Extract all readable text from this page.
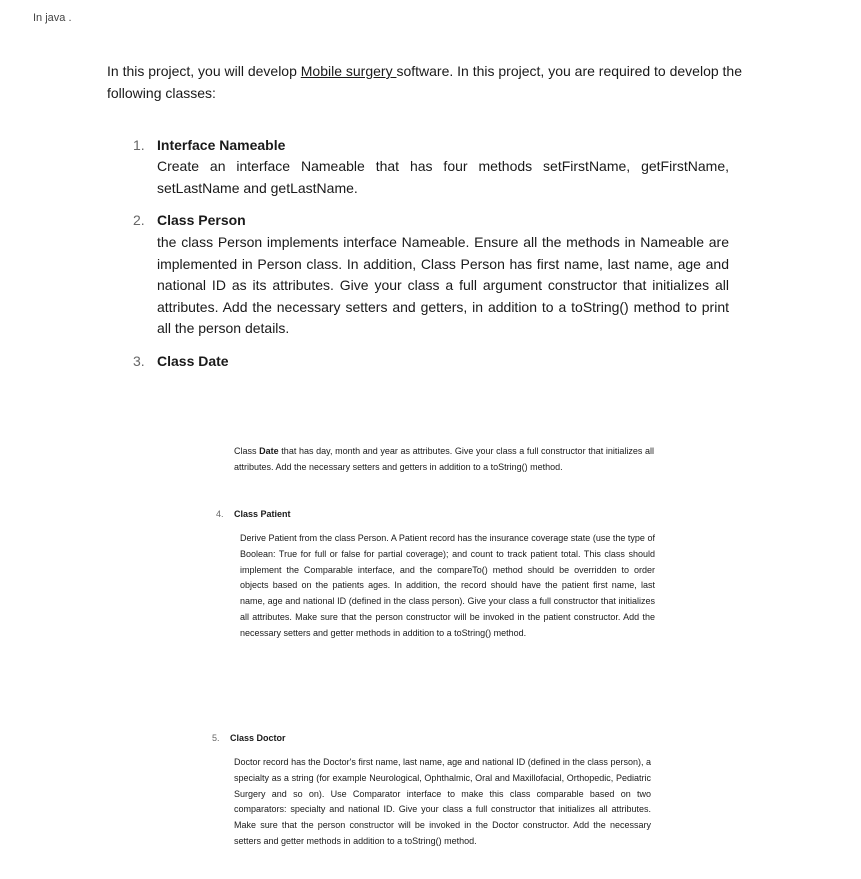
In java .
In this project, you will develop Mobile surgery software. In this project, you are required to develop the following classes:
1. Interface Nameable
Create an interface Nameable that has four methods setFirstName, getFirstName, setLastName and getLastName.
2. Class Person
the class Person implements interface Nameable. Ensure all the methods in Nameable are implemented in Person class. In addition, Class Person has first name, last name, age and national ID as its attributes. Give your class a full argument constructor that initializes all attributes. Add the necessary setters and getters, in addition to a toString() method to print all the person details.
3. Class Date
Class Date that has day, month and year as attributes. Give your class a full constructor that initializes all attributes. Add the necessary setters and getters in addition to a toString() method.
4. Class Patient
Derive Patient from the class Person. A Patient record has the insurance coverage state (use the type of Boolean: True for full or false for partial coverage); and count to track patient total. This class should implement the Comparable interface, and the compareTo() method should be overridden to order objects based on the patients ages. In addition, the record should have the patient first name, last name, age and national ID (defined in the class person). Give your class a full constructor that initializes all attributes. Make sure that the person constructor will be invoked in the patient constructor. Add the necessary setters and getter methods in addition to a toString() method.
5. Class Doctor
Doctor record has the Doctor's first name, last name, age and national ID (defined in the class person), a specialty as a string (for example Neurological, Ophthalmic, Oral and Maxillofacial, Orthopedic, Pediatric Surgery and so on). Use Comparator interface to make this class comparable based on two comparators: specialty and national ID. Give your class a full constructor that initializes all attributes. Make sure that the person constructor will be invoked in the Doctor constructor. Add the necessary setters and getter methods in addition to a toString() method.
